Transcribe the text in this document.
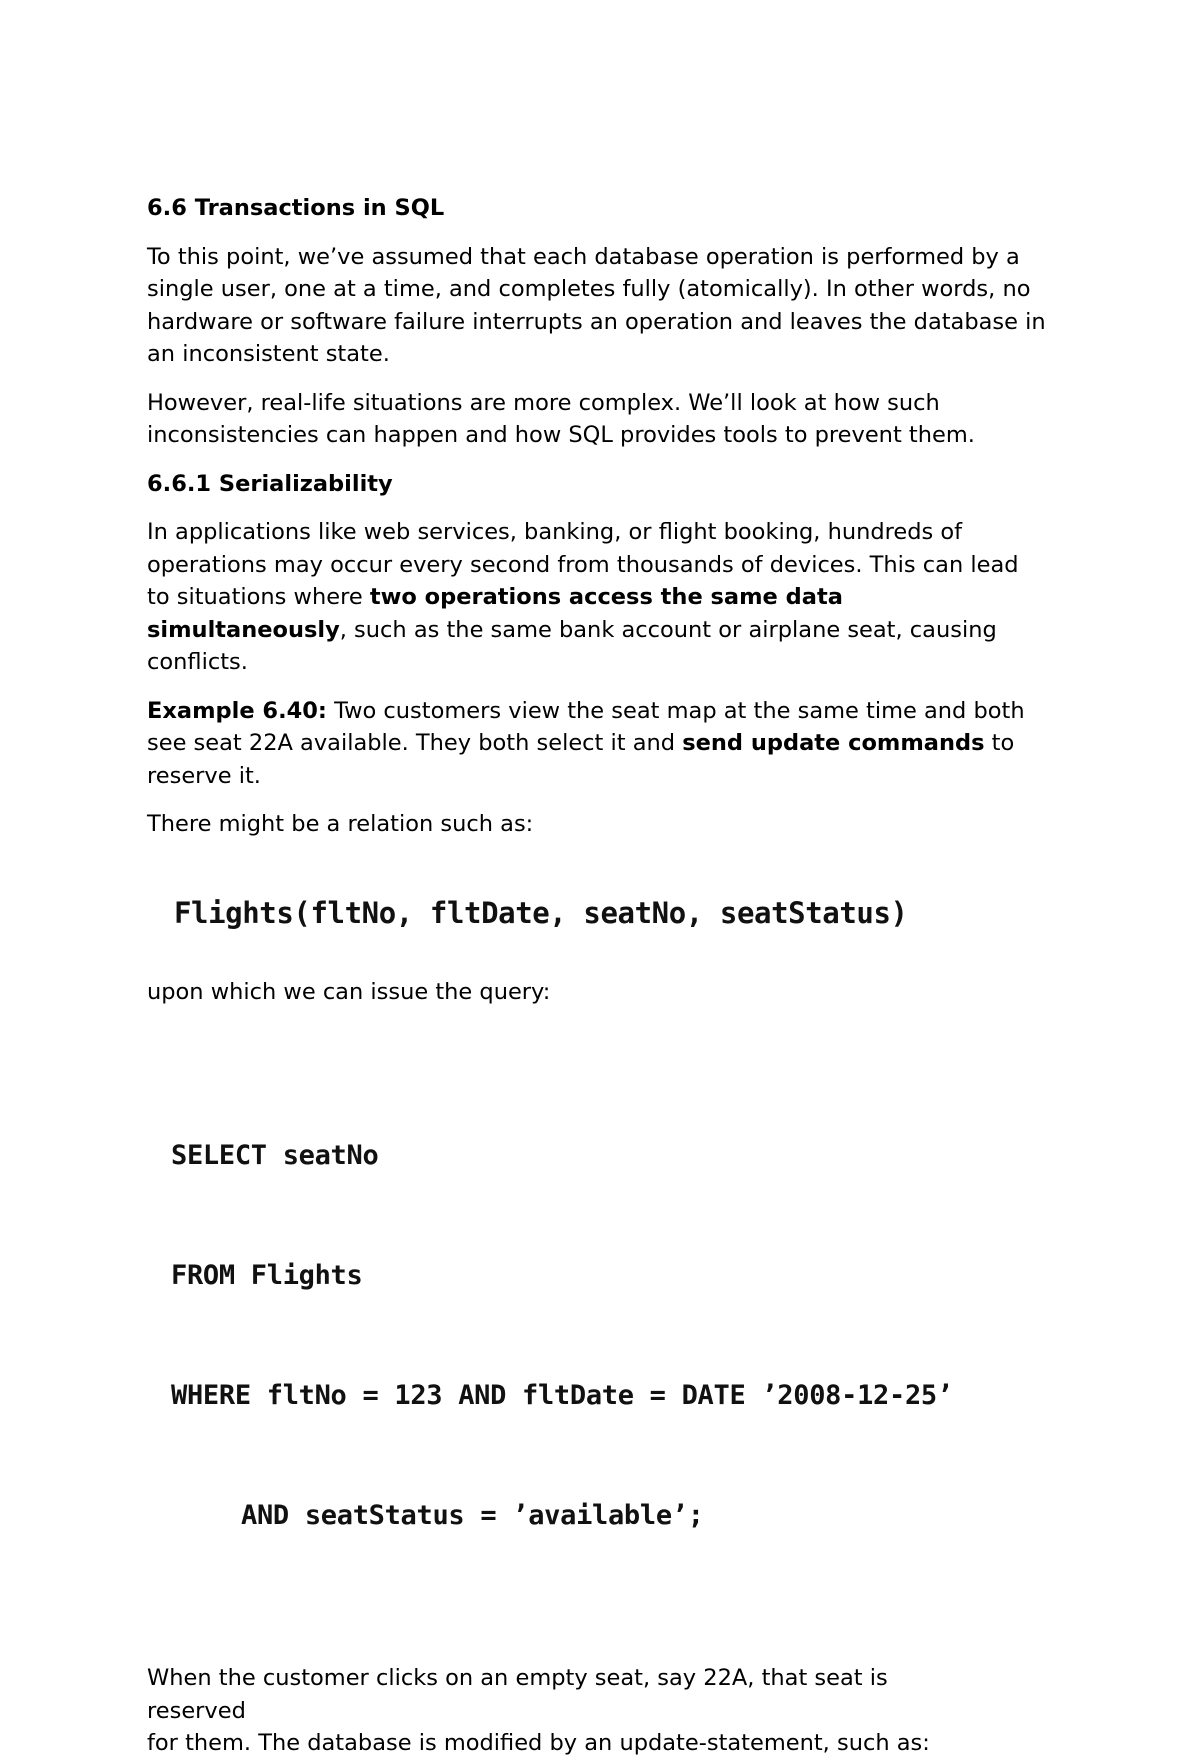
6.6 Transactions in SQL

To this point, we’ve assumed that each database operation is performed by a single user, one at a time, and completes fully (atomically). In other words, no hardware or software failure interrupts an operation and leaves the database in an inconsistent state.

However, real-life situations are more complex. We’ll look at how such inconsistencies can happen and how SQL provides tools to prevent them.

6.6.1 Serializability

In applications like web services, banking, or flight booking, hundreds of operations may occur every second from thousands of devices. This can lead to situations where two operations access the same data simultaneously, such as the same bank account or airplane seat, causing conflicts.

Example 6.40: Two customers view the seat map at the same time and both see seat 22A available. They both select it and send update commands to reserve it.

There might be a relation such as:

Flights(fltNo, fltDate, seatNo, seatStatus)

upon which we can issue the query:

SELECT seatNo

FROM Flights

WHERE fltNo = 123 AND fltDate = DATE ’2008-12-25’

AND seatStatus = ’available’;

When the customer clicks on an empty seat, say 22A, that seat is
reserved
for them. The database is modified by an update-statement, such as:
